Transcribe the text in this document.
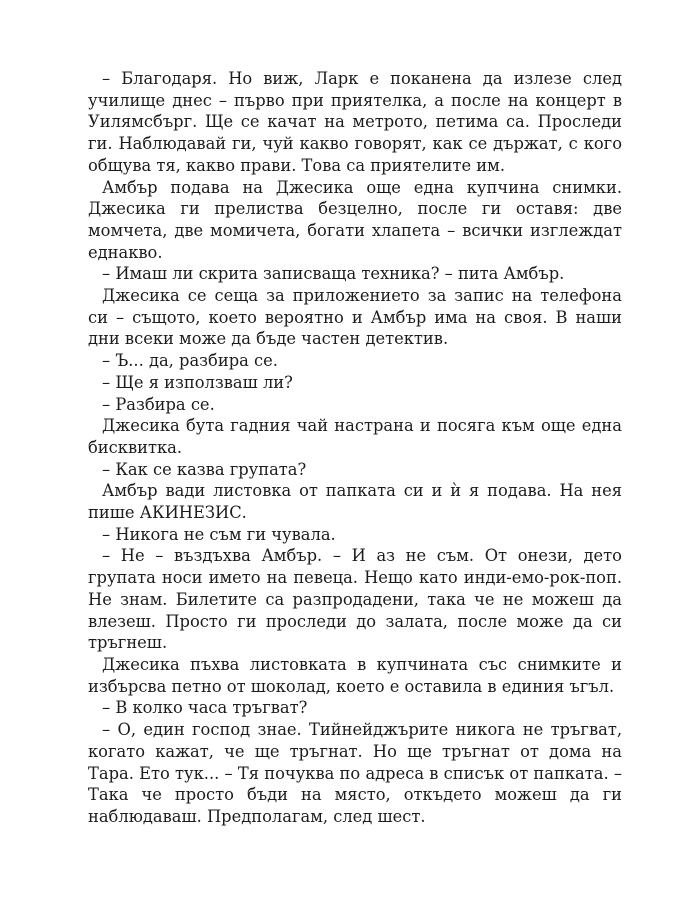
– Благодаря. Но виж, Ларк е поканена да излезе след училище днес – първо при приятелка, а после на концерт в Уилямсбърг. Ще се качат на метрото, петима са. Проследи ги. Наблюдавай ги, чуй какво говорят, как се държат, с кого общува тя, какво прави. Това са приятелите им.

Амбър подава на Джесика още една купчина снимки. Джесика ги прелиства безцелно, после ги оставя: две момчета, две момичета, богати хлапета – всички изглеждат еднакво.

– Имаш ли скрита записваща техника? – пита Амбър.

Джесика се сеща за приложението за запис на телефона си – същото, което вероятно и Амбър има на своя. В наши дни всеки може да бъде частен детектив.

– Ъ... да, разбира се.

– Ще я използваш ли?

– Разбира се.

Джесика бута гадния чай настрана и посяга към още една бисквитка.

– Как се казва групата?

Амбър вади листовка от папката си и ѝ я подава. На нея пише АКИНЕЗИС.

– Никога не съм ги чувала.

– Не – въздъхва Амбър. – И аз не съм. От онези, дето групата носи името на певеца. Нещо като инди-емо-рок-поп. Не знам. Билетите са разпродадени, така че не можеш да влезеш. Просто ги проследи до залата, после може да си тръгнеш.

Джесика пъхва листовката в купчината със снимките и избърсва петно от шоколад, което е оставила в единия ъгъл.

– В колко часа тръгват?

– О, един господ знае. Тийнейджърите никога не тръгват, когато кажат, че ще тръгнат. Но ще тръгнат от дома на Тара. Ето тук... – Тя почуква по адреса в списък от папката. – Така че просто бъди на място, откъдето можеш да ги наблюдаваш. Предполагам, след шест.
